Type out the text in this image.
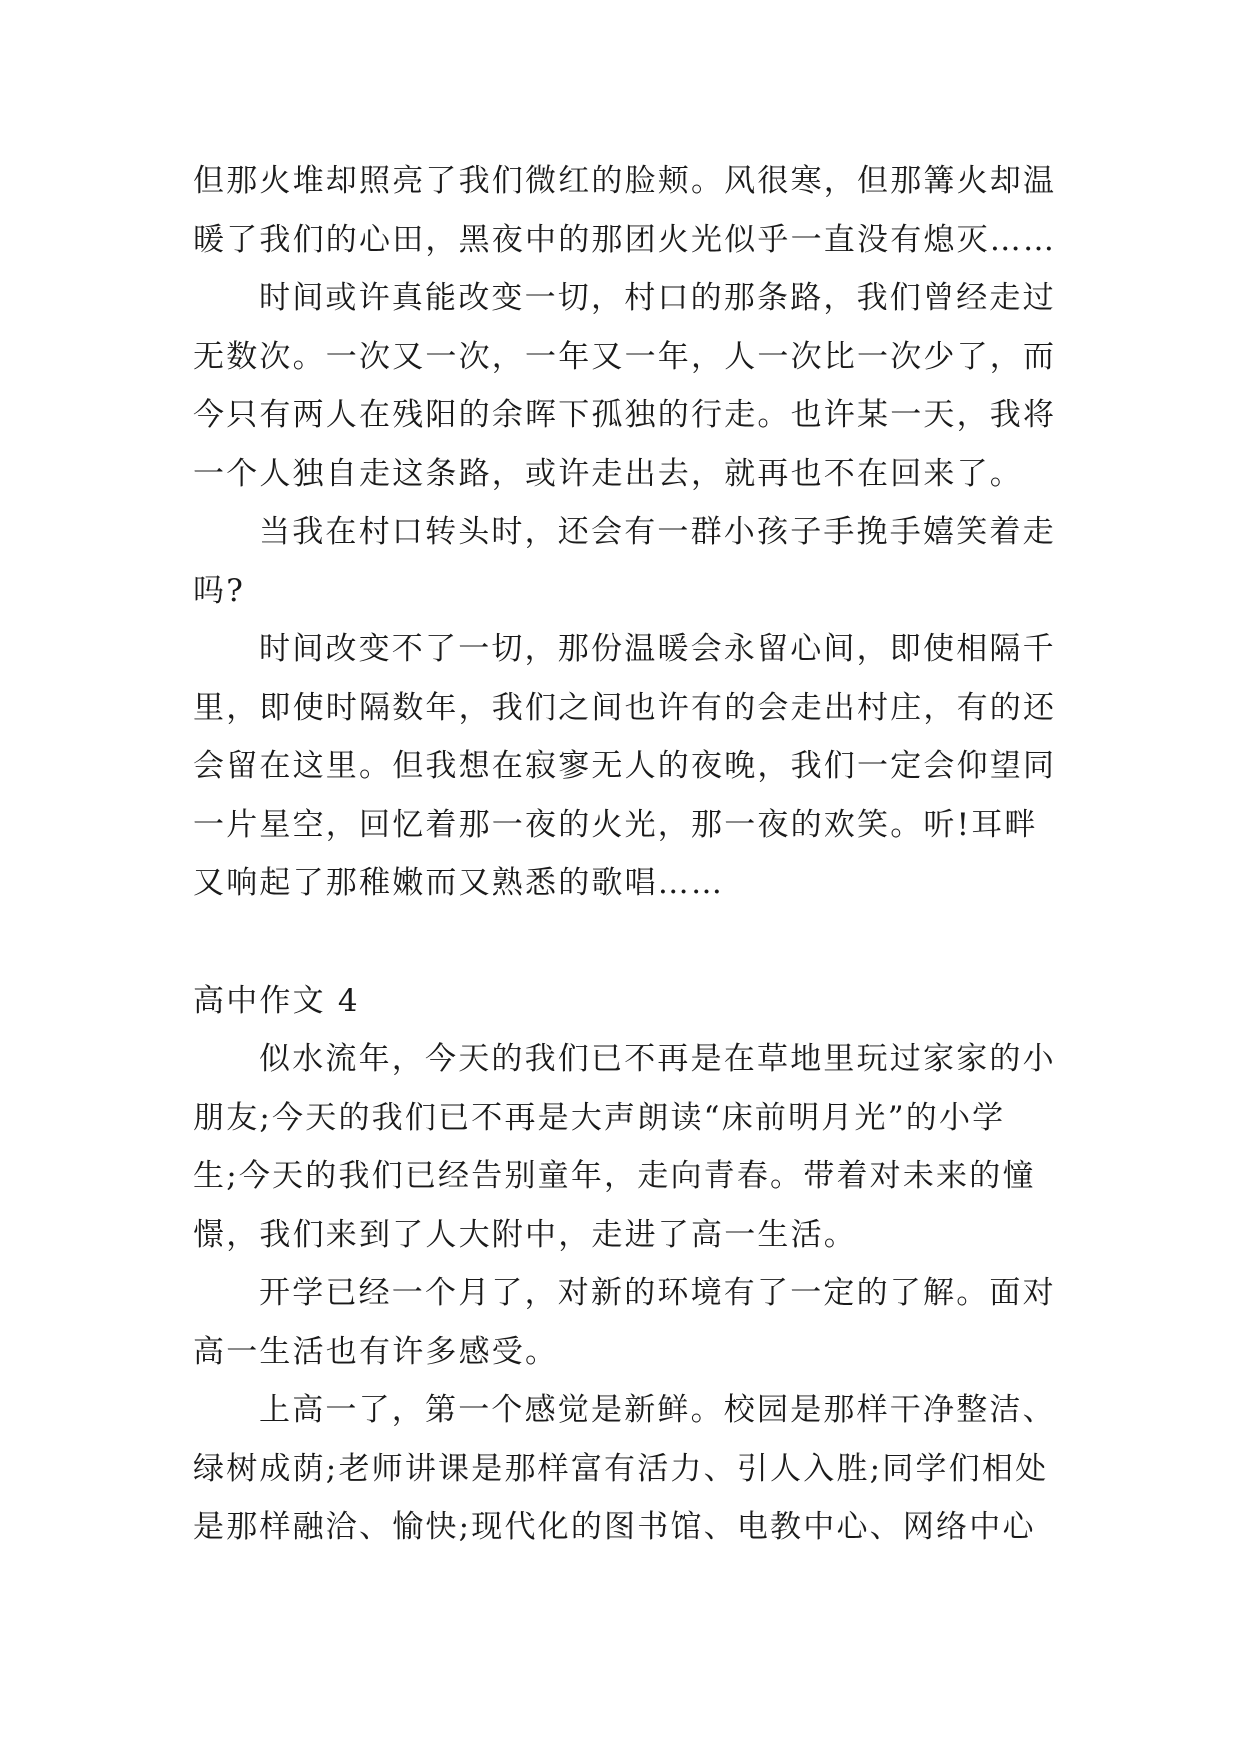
但那火堆却照亮了我们微红的脸颊。风很寒，但那篝火却温
暖了我们的心田，黑夜中的那团火光似乎一直没有熄灭……
时间或许真能改变一切，村口的那条路，我们曾经走过
无数次。一次又一次，一年又一年，人一次比一次少了，而
今只有两人在残阳的余晖下孤独的行走。也许某一天，我将
一个人独自走这条路，或许走出去，就再也不在回来了。
当我在村口转头时，还会有一群小孩子手挽手嬉笑着走
吗?
时间改变不了一切，那份温暖会永留心间，即使相隔千
里，即使时隔数年，我们之间也许有的会走出村庄，有的还
会留在这里。但我想在寂寥无人的夜晚，我们一定会仰望同
一片星空，回忆着那一夜的火光，那一夜的欢笑。听!耳畔
又响起了那稚嫩而又熟悉的歌唱……
高中作文 4
似水流年，今天的我们已不再是在草地里玩过家家的小
朋友;今天的我们已不再是大声朗读“床前明月光”的小学
生;今天的我们已经告别童年，走向青春。带着对未来的憧
憬，我们来到了人大附中，走进了高一生活。
开学已经一个月了，对新的环境有了一定的了解。面对
高一生活也有许多感受。
上高一了，第一个感觉是新鲜。校园是那样干净整洁、
绿树成荫;老师讲课是那样富有活力、引人入胜;同学们相处
是那样融洽、愉快;现代化的图书馆、电教中心、网络中心
